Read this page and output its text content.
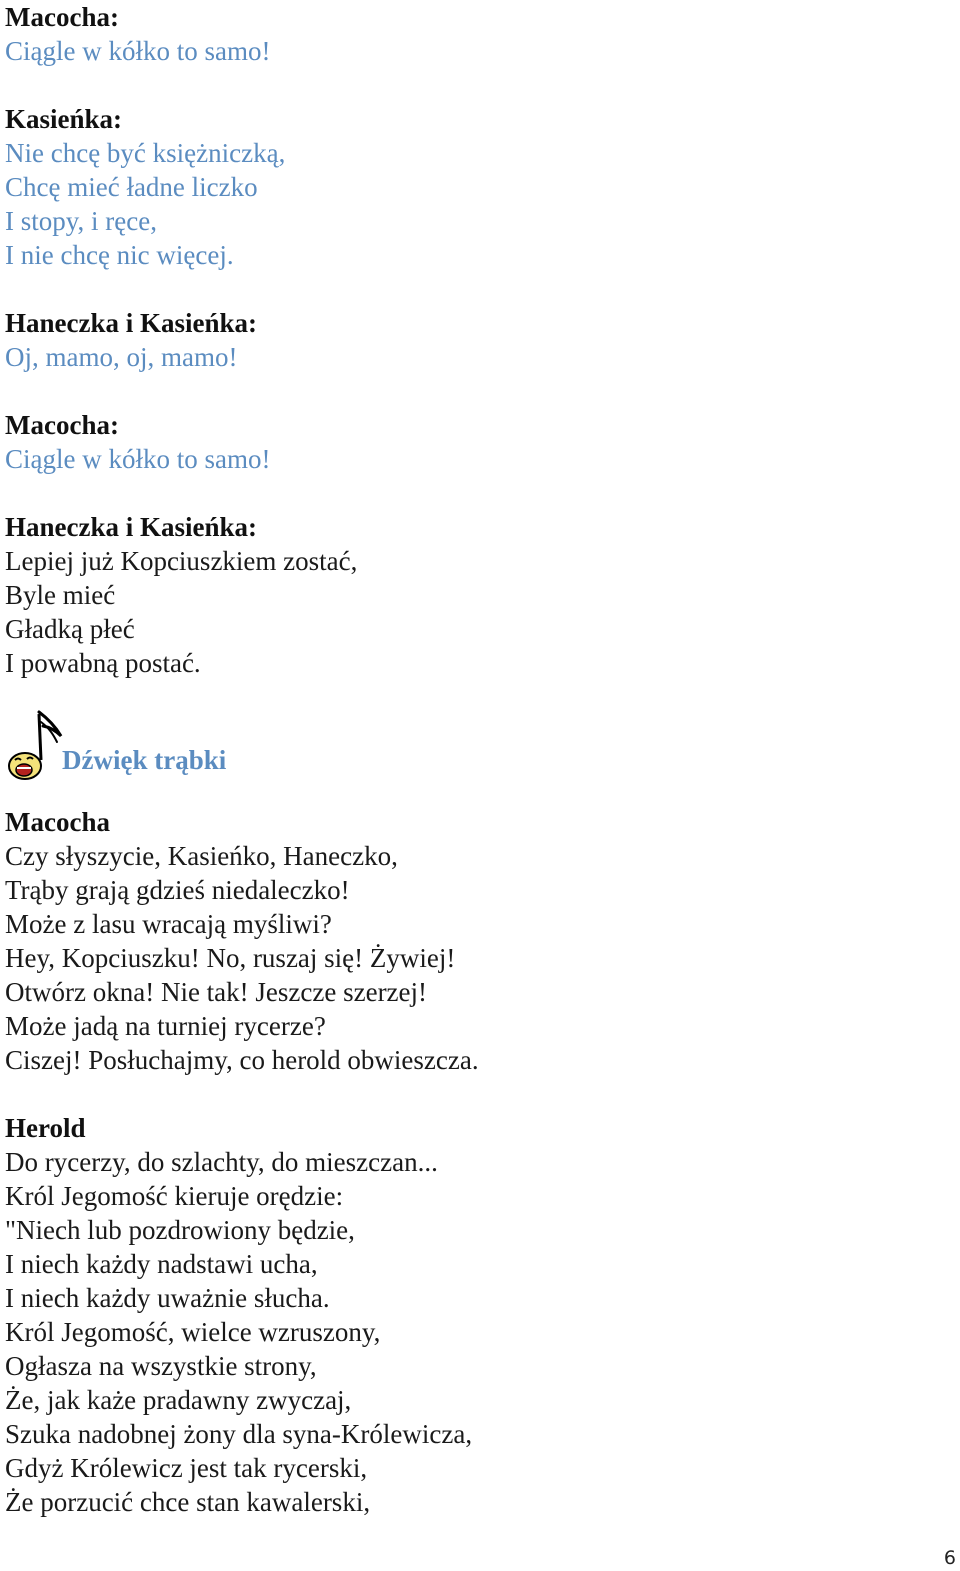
Macocha:
Ciągle w kółko to samo!
Kasieńka:
Nie chcę być księżniczką,
Chcę mieć ładne liczko
I stopy, i ręce,
I nie chcę nic więcej.
Haneczka i Kasieńka:
Oj, mamo, oj, mamo!
Macocha:
Ciągle w kółko to samo!
Haneczka i Kasieńka:
Lepiej już Kopciuszkiem zostać,
Byle mieć
Gładką płeć
I powabną postać.
Dźwięk trąbki
Macocha
Czy słyszycie, Kasieńko, Haneczko,
Trąby grają gdzieś niedaleczko!
Może z lasu wracają myśliwi?
Hey, Kopciuszku! No, ruszaj się! Żywiej!
Otwórz okna! Nie tak! Jeszcze szerzej!
Może jadą na turniej rycerze?
Ciszej! Posłuchajmy, co herold obwieszcza.
Herold
Do rycerzy, do szlachty, do mieszczan...
Król Jegomość kieruje orędzie:
"Niech lub pozdrowiony będzie,
I niech każdy nadstawi ucha,
I niech każdy uważnie słucha.
Król Jegomość, wielce wzruszony,
Ogłasza na wszystkie strony,
Że, jak każe pradawny zwyczaj,
Szuka nadobnej żony dla syna-Królewicza,
Gdyż Królewicz jest tak rycerski,
Że porzucić chce stan kawalerski,
6
